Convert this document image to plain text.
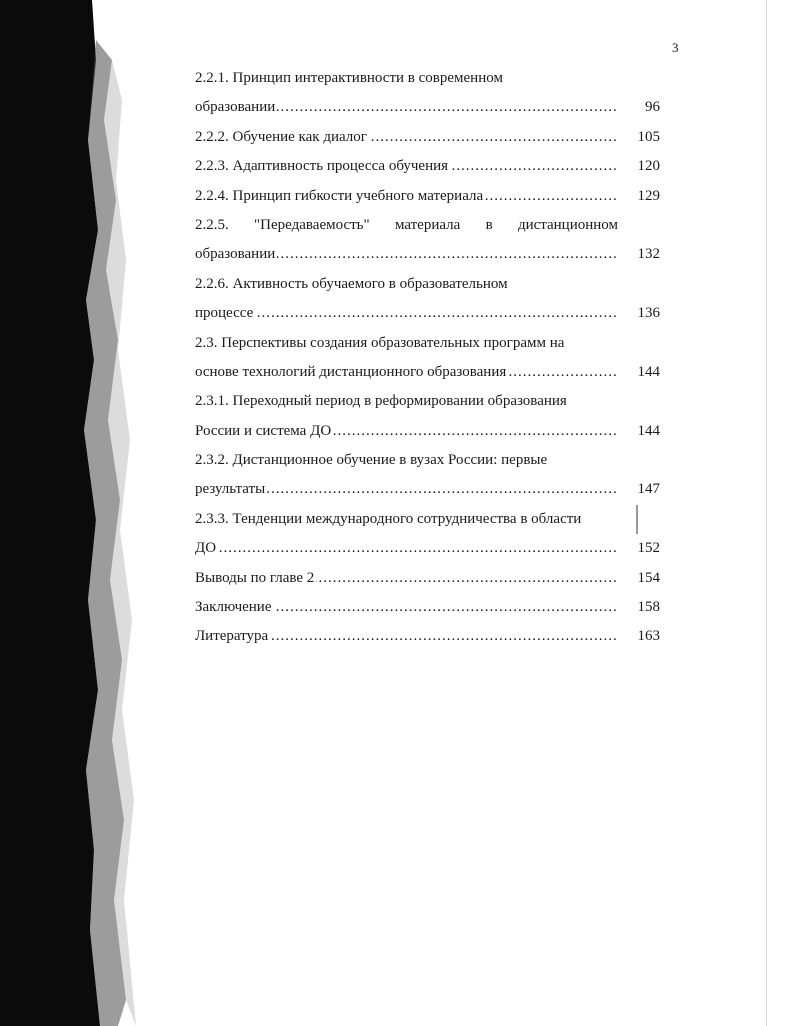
3
2.2.1. Принцип интерактивности в современном
..... образовании	96
..... 2.2.2. Обучение как диалог	105
..... 2.2.3. Адаптивность процесса обучения	120
..... 2.2.4. Принцип гибкости учебного материала	129
2.2.5. "Передаваемость" материала в дистанционном
..... образовании	132
2.2.6. Активность обучаемого в образовательном
..... процессе	136
2.3. Перспективы создания образовательных программ на
..... основе технологий дистанционного образования	144
2.3.1. Переходный период в реформировании образования
..... России и система ДО	144
2.3.2. Дистанционное обучение в вузах России: первые
..... результаты	147
2.3.3. Тенденции международного сотрудничества в области
..... ДО	152
..... Выводы по главе 2	154
..... Заключение	158
..... Литература	163
